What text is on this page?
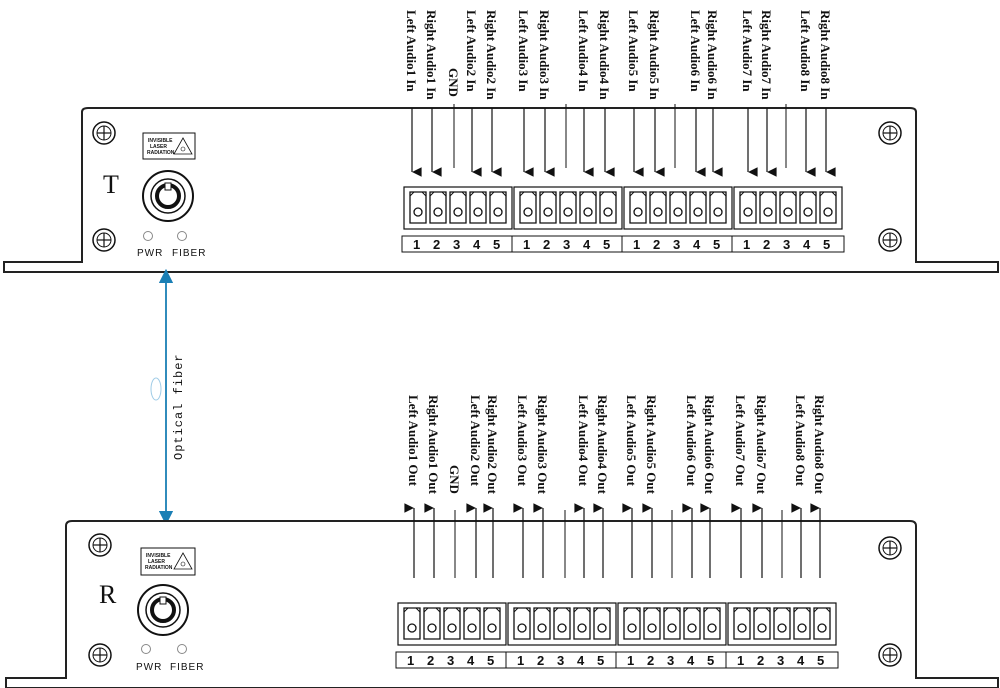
T
INVISIBLE
LASER
RADIATION
PWR FIBER
1 2 3 4 5 1 2 3 4 5 1 2 3 4 5 1 2 3 4 5
Left Audio1 In Right Audio1 In GND Left Audio2 In Right Audio2 In Left Audio3 In Right Audio3 In Left Audio4 In Right Audio4 In Left Audio5 In Right Audio5 In Left Audio6 In Right Audio6 In Left Audio7 In Right Audio7 In Left Audio8 In Right Audio8 In
Optical fiber
R
INVISIBLE
LASER
RADIATION
PWR FIBER	1 2 3 4 5 1 2 3 4 5 1 2 3 4 5 1 2 3 4 5
Left Audio1 Out Right Audio1 Out GND Left Audio2 Out Right Audio2 Out Left Audio3 Out Right Audio3 Out Left Audio4 Out Right Audio4 Out Left Audio5 Out Right Audio5 Out Left Audio6 Out Right Audio6 Out Left Audio7 Out Right Audio7 Out Left Audio8 Out Right Audio8 Out
